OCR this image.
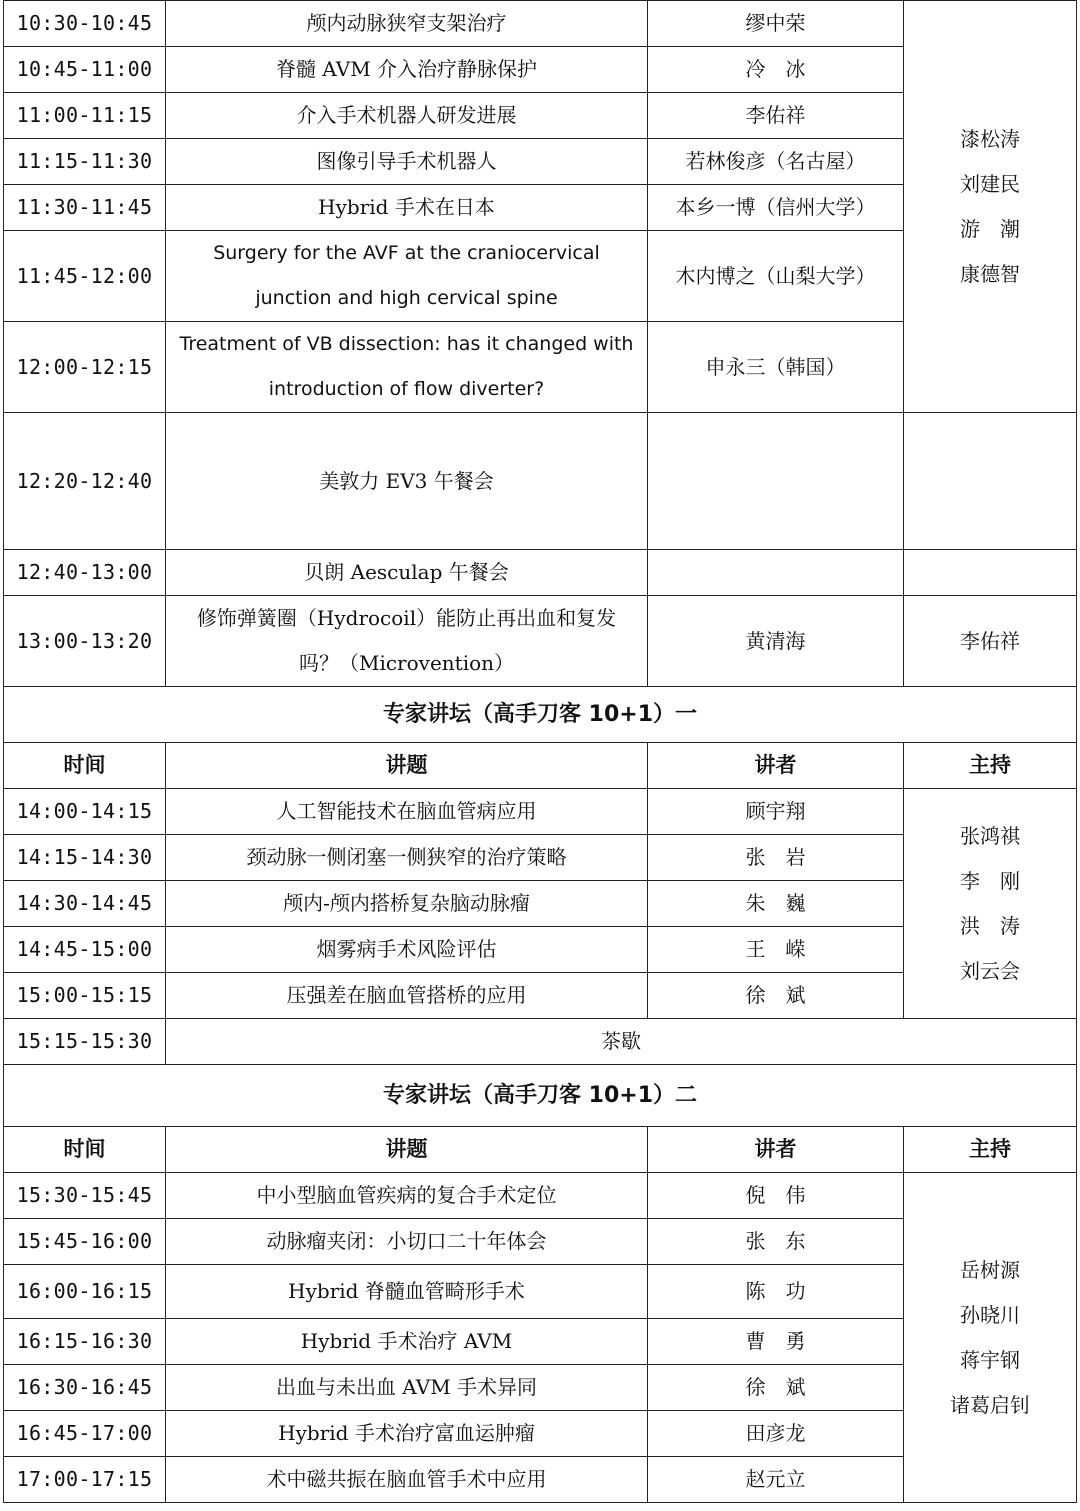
10:30-10:45	颅内动脉狭窄支架治疗	缪中荣	漆松涛
刘建民
游　潮
康德智

10:45-11:00	脊髓 AVM 介入治疗静脉保护	冷　冰	
11:00-11:15	介入手术机器人研发进展	李佑祥	
11:15-11:30	图像引导手术机器人	若林俊彦（名古屋）	
11:30-11:45	Hybrid 手术在日本	本乡一博（信州大学）	
11:45-12:00	Surgery for the AVF at the craniocervical
junction and high cervical spine	木内博之（山梨大学）	
12:00-12:15	Treatment of VB dissection: has it changed with
introduction of flow diverter?	申永三（韩国）	
12:20-12:40	美敦力 EV3 午餐会		
12:40-13:00	贝朗 Aesculap 午餐会		
13:00-13:20	修饰弹簧圈（Hydrocoil）能防止再出血和复发
吗？（Microvention）	黄清海	李佑祥
专家讲坛（高手刀客 10+1）一			
时间	讲题	讲者	主持
14:00-14:15	人工智能技术在脑血管病应用	顾宇翔	张鸿祺
李　刚
洪　涛
刘云会

14:15-14:30	颈动脉一侧闭塞一侧狭窄的治疗策略	张　岩	
14:30-14:45	颅内-颅内搭桥复杂脑动脉瘤	朱　巍	
14:45-15:00	烟雾病手术风险评估	王　嵘	
15:00-15:15	压强差在脑血管搭桥的应用	徐　斌	
15:15-15:30	茶歇		
专家讲坛（高手刀客 10+1）二			
时间	讲题	讲者	主持
15:30-15:45	中小型脑血管疾病的复合手术定位	倪　伟	岳树源
孙晓川
蒋宇钢
诸葛启钊

15:45-16:00	动脉瘤夹闭：小切口二十年体会	张　东	
16:00-16:15	Hybrid 脊髓血管畸形手术	陈　功	
16:15-16:30	Hybrid 手术治疗 AVM	曹　勇	
16:30-16:45	出血与未出血 AVM 手术异同	徐　斌	
16:45-17:00	Hybrid 手术治疗富血运肿瘤	田彦龙	
17:00-17:15	术中磁共振在脑血管手术中应用	赵元立	
